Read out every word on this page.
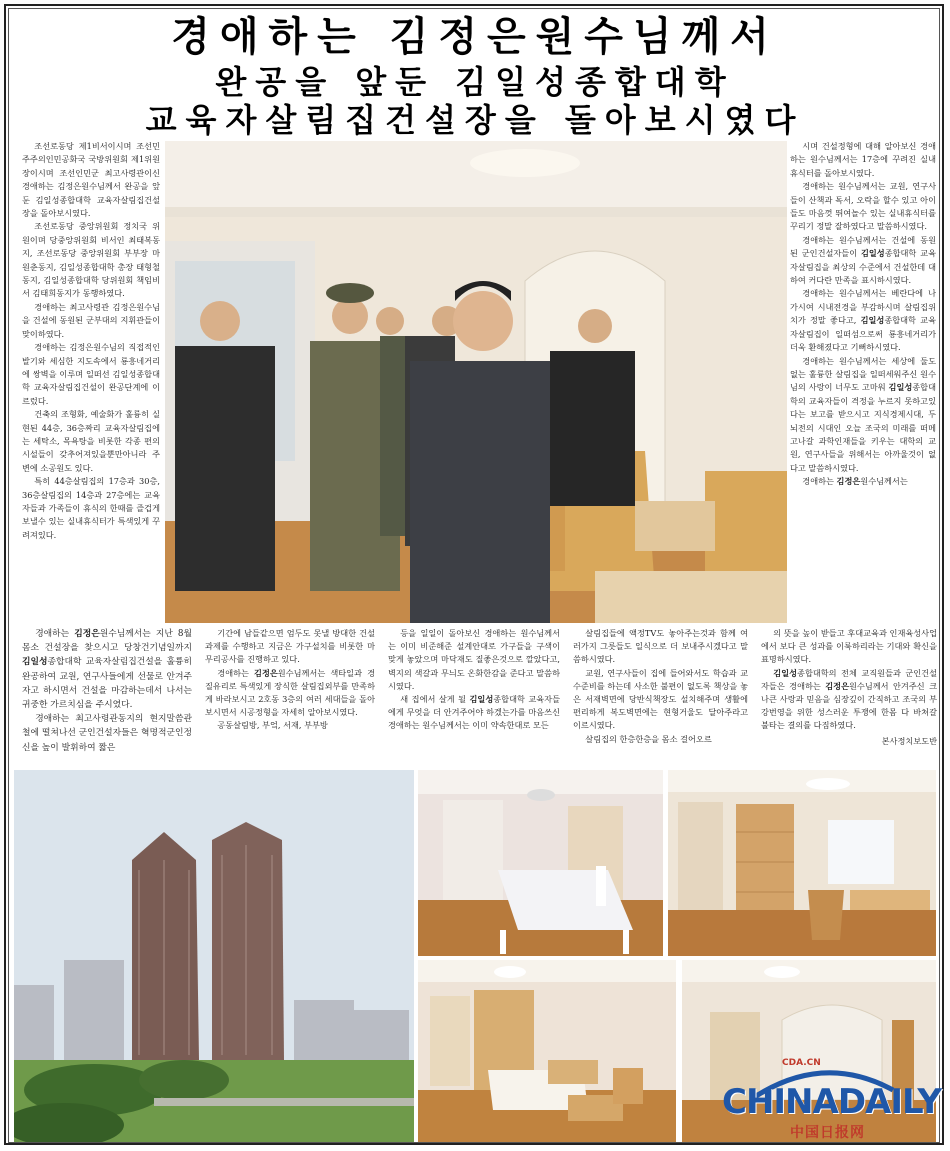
경애하는 김정은원수님께서
완공을 앞둔 김일성종합대학
교육자살림집건설장을 돌아보시였다

조선로동당 제1비서이시며 조선민주주의인민공화국 국방위원회 제1위원장이시며 조선인민군 최고사령관이신 경애하는 김정은원수님께서 완공을 앞둔 김일성종합대학 교육자살림집건설장을 돌아보시였다.

조선로동당 중앙위원회 정치국 위원이며 당중앙위원회 비서인 최태복동지, 조선로동당 중앙위원회 부부장 마원춘동지, 김일성종합대학 총장 태형철동지, 김일성종합대학 당위원회 책임비서 김태희동지가 동행하였다.

경애하는 최고사령관 김정은원수님을 건설에 동원된 군부대의 지휘관들이 맞이하였다.

경애하는 김정은원수님의 직접적인 발기와 세심한 지도속에서 룡흥네거리에 쌍벽을 이루며 일떠선 김일성종합대학 교육자살림집건설이 완공단계에 이르렀다.

건축의 조형화, 예술화가 훌륭히 실현된 44층, 36층짜리 교육자살림집에는 세탁소, 목욕탕을 비롯한 각종 편의시설들이 갖추어져있을뿐만아니라 주변에 소공원도 있다.

특히 44층살림집의 17층과 30층, 36층살림집의 14층과 27층에는 교육자들과 가족들이 휴식의 한때를 즐겁게 보낼수 있는 실내휴식터가 특색있게 꾸려져있다.

시며 건설정형에 대해 알아보신 경애하는 원수님께서는 17층에 꾸려진 실내휴식터를 돌아보시였다.

경애하는 원수님께서는 교원, 연구사들이 산책과 독서, 오락을 할수 있고 아이들도 마음껏 뛰여놀수 있는 실내휴식터를 꾸리기 정말 잘하였다고 말씀하시였다.

경애하는 원수님께서는 건설에 동원된 군인건설자들이 김일성종합대학 교육자살림집을 최상의 수준에서 건설한데 대하여 커다란 만족을 표시하시였다.

경애하는 원수님께서는 베란다에 나가시여 시내전경을 부감하시며 살림집위치가 정말 좋다고, 김일성종합대학 교육자살림집이 일떠섬으로써 룡흥네거리가 더욱 환해졌다고 기뻐하시였다.

경애하는 원수님께서는 세상에 둘도 없는 훌륭한 살림집을 일떠세워주신 원수님의 사랑이 너무도 고마워 김일성종합대학의 교육자들이 격정을 누르지 못하고있다는 보고를 받으시고 지식경제시대, 두뇌전의 시대인 오늘 조국의 미래를 떠메고나갈 과학인재들을 키우는 대학의 교원, 연구사들을 위해서는 아까울것이 없다고 말씀하시였다.

경애하는 김정은원수님께서는

경애하는 김정은원수님께서는 지난 8월 몸소 건설장을 찾으시고 당창건기념일까지 김일성종합대학 교육자살림집건설을 훌륭히 완공하여 교원, 연구사들에게 선물로 안겨주자고 하시면서 건설을 마감하는데서 나서는 귀중한 가르치심을 주시였다.

경애하는 최고사령관동지의 현지말씀관철에 떨쳐나선 군인건설자들은 혁명적군인정신을 높이 발휘하여 짧은

기간에 남들같으면 엄두도 못낼 방대한 건설과제를 수행하고 지금은 가구설치를 비롯한 마무리공사를 진행하고 있다.

경애하는 김정은원수님께서는 색타일과 경질유리로 특색있게 장식한 살림집외부를 만족하게 바라보시고 2호동 3층의 여러 세대들을 돌아보시면서 시공정형을 자세히 알아보시였다.

공동살림방, 부엌, 서재, 부부방

등을 일일이 돌아보신 경애하는 원수님께서는 이미 비준해준 설계안대로 가구들을 구색이 맞게 놓았으며 마닥재도 질좋은것으로 깔았다고, 벽지의 색갈과 무늬도 온화한감을 준다고 말씀하시였다.

새 집에서 살게 될 김일성종합대학 교육자들에게 무엇을 더 안겨주어야 하겠는가를 마음쓰신 경애하는 원수님께서는 이미 약속한대로 모든

살림집들에 액정TV도 놓아주는것과 함께 여러가지 그릇들도 일식으로 더 보내주시겠다고 말씀하시였다.

교원, 연구사들이 집에 들어와서도 학습과 교수준비를 하는데 사소한 불편이 없도록 책상을 놓은 서재벽면에 당반식책장도 설치해주며 생활에 편리하게 복도벽면에는 현형거울도 달아주라고 이르시였다.

살림집의 한층한층을 몸소 걸어오르

의 뜻을 높이 받들고 후대교육과 인재육성사업에서 보다 큰 성과를 이룩하리라는 기대와 확신을 표명하시였다.

김일성종합대학의 전체 교직원들과 군인건설자들은 경애하는 김정은원수님께서 안겨주신 크나큰 사랑과 믿음을 심장깊이 간직하고 조국의 부강번영을 위한 성스러운 투쟁에 한몸 다 바쳐갈 불타는 결의를 다짐하였다.

본사정치보도반
CDA.CN
CHINADAILY
中国日报网
